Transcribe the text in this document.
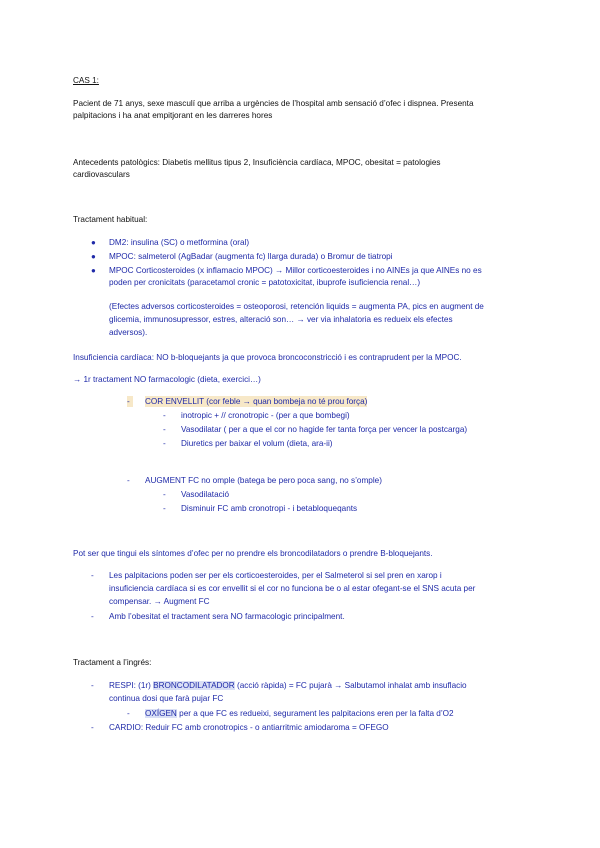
CAS 1:
Pacient de 71 anys, sexe masculí que arriba a urgències de l’hospital amb sensació d’ofec i dispnea. Presenta
palpitacions i ha anat empitjorant en les darreres hores
Antecedents patològics: Diabetis mellitus tipus 2, Insuficiència cardíaca, MPOC, obesitat = patologies
cardiovasculars
Tractament habitual:
● DM2: insulina (SC) o metformina (oral)
● MPOC: salmeterol (AgBadar (augmenta fc) llarga durada) o Bromur de tiatropi
● MPOC Corticosteroides (x inflamacio MPOC) → Millor corticoesteroides i no AINEs ja que AINEs no es
poden per cronicitats (paracetamol cronic = patotoxicitat, ibuprofe isuficiencia renal…)
(Efectes adversos corticosteroides = osteoporosi, retención liquids = augmenta PA, pics en augment de
glicemia, immunosupressor, estres, alteració son… → ver via inhalatoria es redueix els efectes
adversos).
Insuficiencia cardíaca: NO b-bloquejants ja que provoca broncoconstricció i es contraprudent per la MPOC.
→ 1r tractament NO farmacologic (dieta, exercici…)
-	COR ENVELLIT (cor feble → quan bombeja no té prou força)
- inotropic + // cronotropic - (per a que bombegi)
- Vasodilatar ( per a que el cor no hagide fer tanta força per vencer la postcarga)
- Diuretics per baixar el volum (dieta, ara-ii)
- AUGMENT FC no omple (batega be pero poca sang, no s’omple)
- Vasodilatació
- Disminuir FC amb cronotropi - i betabloqueqants
Pot ser que tingui els síntomes d’ofec per no prendre els broncodilatadors o prendre B-bloquejants.
- Les palpitacions poden ser per els corticoesteroides, per el Salmeterol si sel pren en xarop i
insuficiencia cardíaca si es cor envellit si el cor no funciona be o al estar ofegant-se el SNS acuta per
compensar. → Augment FC
- Amb l’obesitat el tractament sera NO farmacologic principalment.
Tractament a l’ingrés:
- RESPI: (1r) BRONCODILATADOR (acció ràpida) = FC pujarà → Salbutamol inhalat amb insuflacio
continua dosi que farà pujar FC
- OXÍGEN per a que FC es redueixi, segurament les palpitacions eren per la falta d’O2
- CARDIO: Reduir FC amb cronotropics - o antiarritmic amiodaroma = OFEGO
